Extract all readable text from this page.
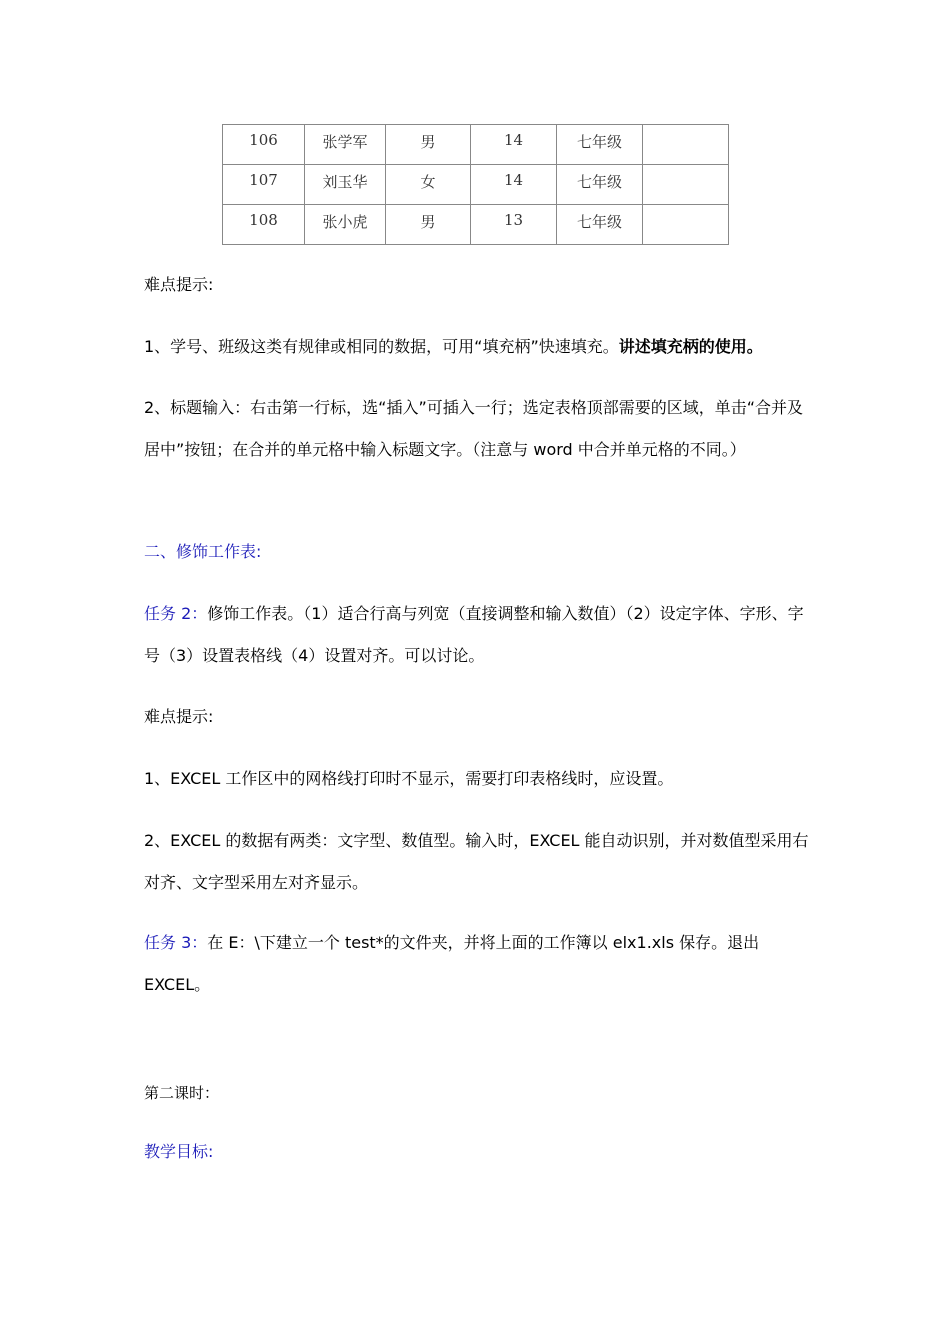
106	张学军	男	14	七年级	
107	刘玉华	女	14	七年级	
108	张小虎	男	13	七年级	
难点提示:
1、学号、班级这类有规律或相同的数据，可用“填充柄”快速填充。讲述填充柄的使用。
2、标题输入：右击第一行标，选“插入”可插入一行；选定表格顶部需要的区域，单击“合并及居中”按钮；在合并的单元格中输入标题文字。（注意与 word 中合并单元格的不同。）
二、修饰工作表:
任务 2：修饰工作表。（1）适合行高与列宽（直接调整和输入数值）（2）设定字体、字形、字号（3）设置表格线（4）设置对齐。可以讨论。
难点提示:
1、EXCEL 工作区中的网格线打印时不显示，需要打印表格线时，应设置。
2、EXCEL 的数据有两类：文字型、数值型。输入时，EXCEL 能自动识别，并对数值型采用右对齐、文字型采用左对齐显示。
任务 3：在 E：\下建立一个 test*的文件夹，并将上面的工作簿以 elx1.xls 保存。退出 EXCEL。
第二课时：
教学目标:
